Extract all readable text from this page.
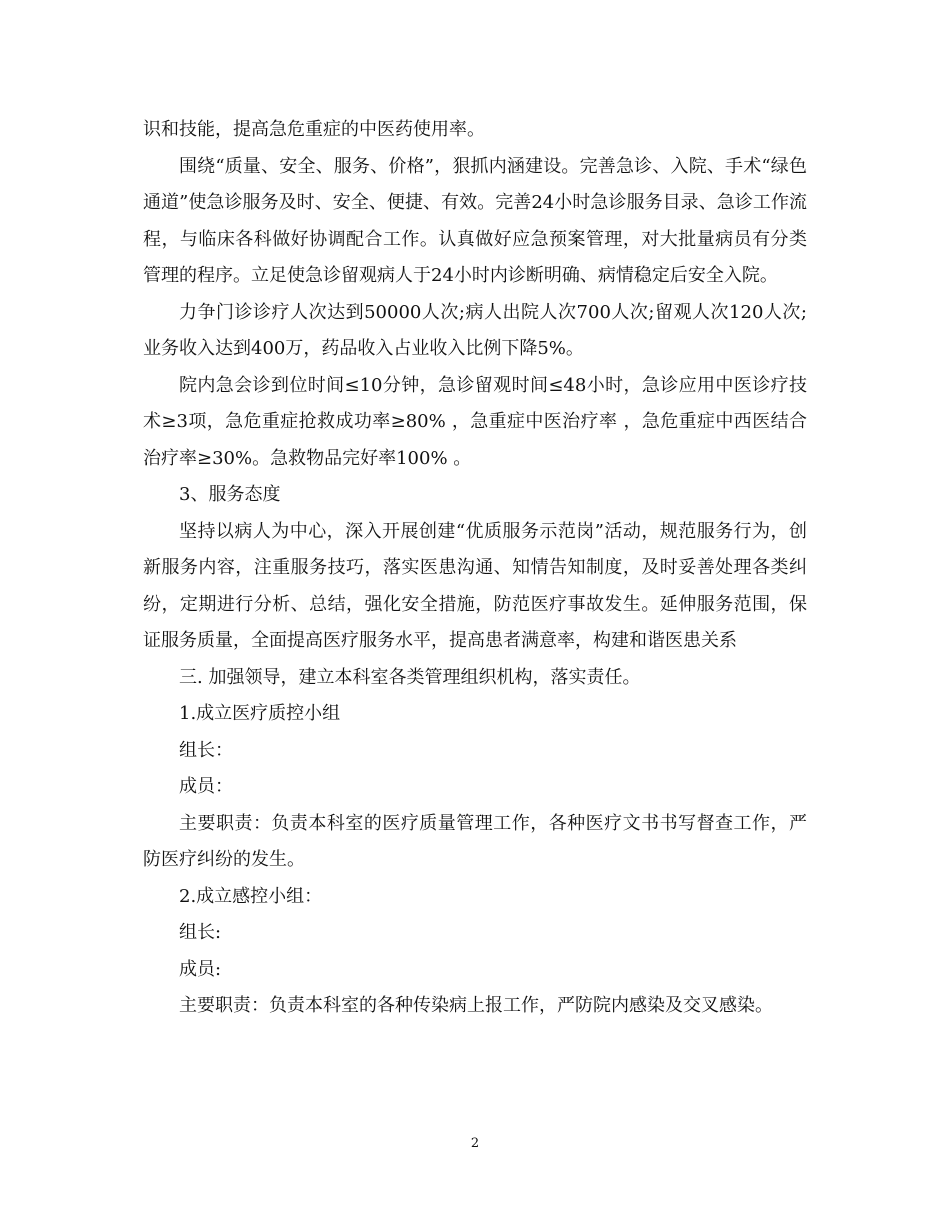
识和技能，提高急危重症的中医药使用率。

围绕“质量、安全、服务、价格”，狠抓内涵建设。完善急诊、入院、手术“绿色通道”使急诊服务及时、安全、便捷、有效。完善24小时急诊服务目录、急诊工作流程，与临床各科做好协调配合工作。认真做好应急预案管理，对大批量病员有分类管理的程序。立足使急诊留观病人于24小时内诊断明确、病情稳定后安全入院。

力争门诊诊疗人次达到50000人次;病人出院人次700人次;留观人次120人次;业务收入达到400万，药品收入占业收入比例下降5%。

院内急会诊到位时间≤10分钟，急诊留观时间≤48小时，急诊应用中医诊疗技术≥3项，急危重症抢救成功率≥80% ，急重症中医治疗率 ，急危重症中西医结合治疗率≥30%。急救物品完好率100% 。

3、服务态度

坚持以病人为中心，深入开展创建“优质服务示范岗”活动，规范服务行为，创新服务内容，注重服务技巧，落实医患沟通、知情告知制度，及时妥善处理各类纠纷，定期进行分析、总结，强化安全措施，防范医疗事故发生。延伸服务范围，保证服务质量，全面提高医疗服务水平，提高患者满意率，构建和谐医患关系

三. 加强领导，建立本科室各类管理组织机构，落实责任。

1.成立医疗质控小组

组长：

成员：

主要职责：负责本科室的医疗质量管理工作，各种医疗文书书写督查工作，严防医疗纠纷的发生。

2.成立感控小组：

组长:

成员:

主要职责：负责本科室的各种传染病上报工作，严防院内感染及交叉感染。

2
